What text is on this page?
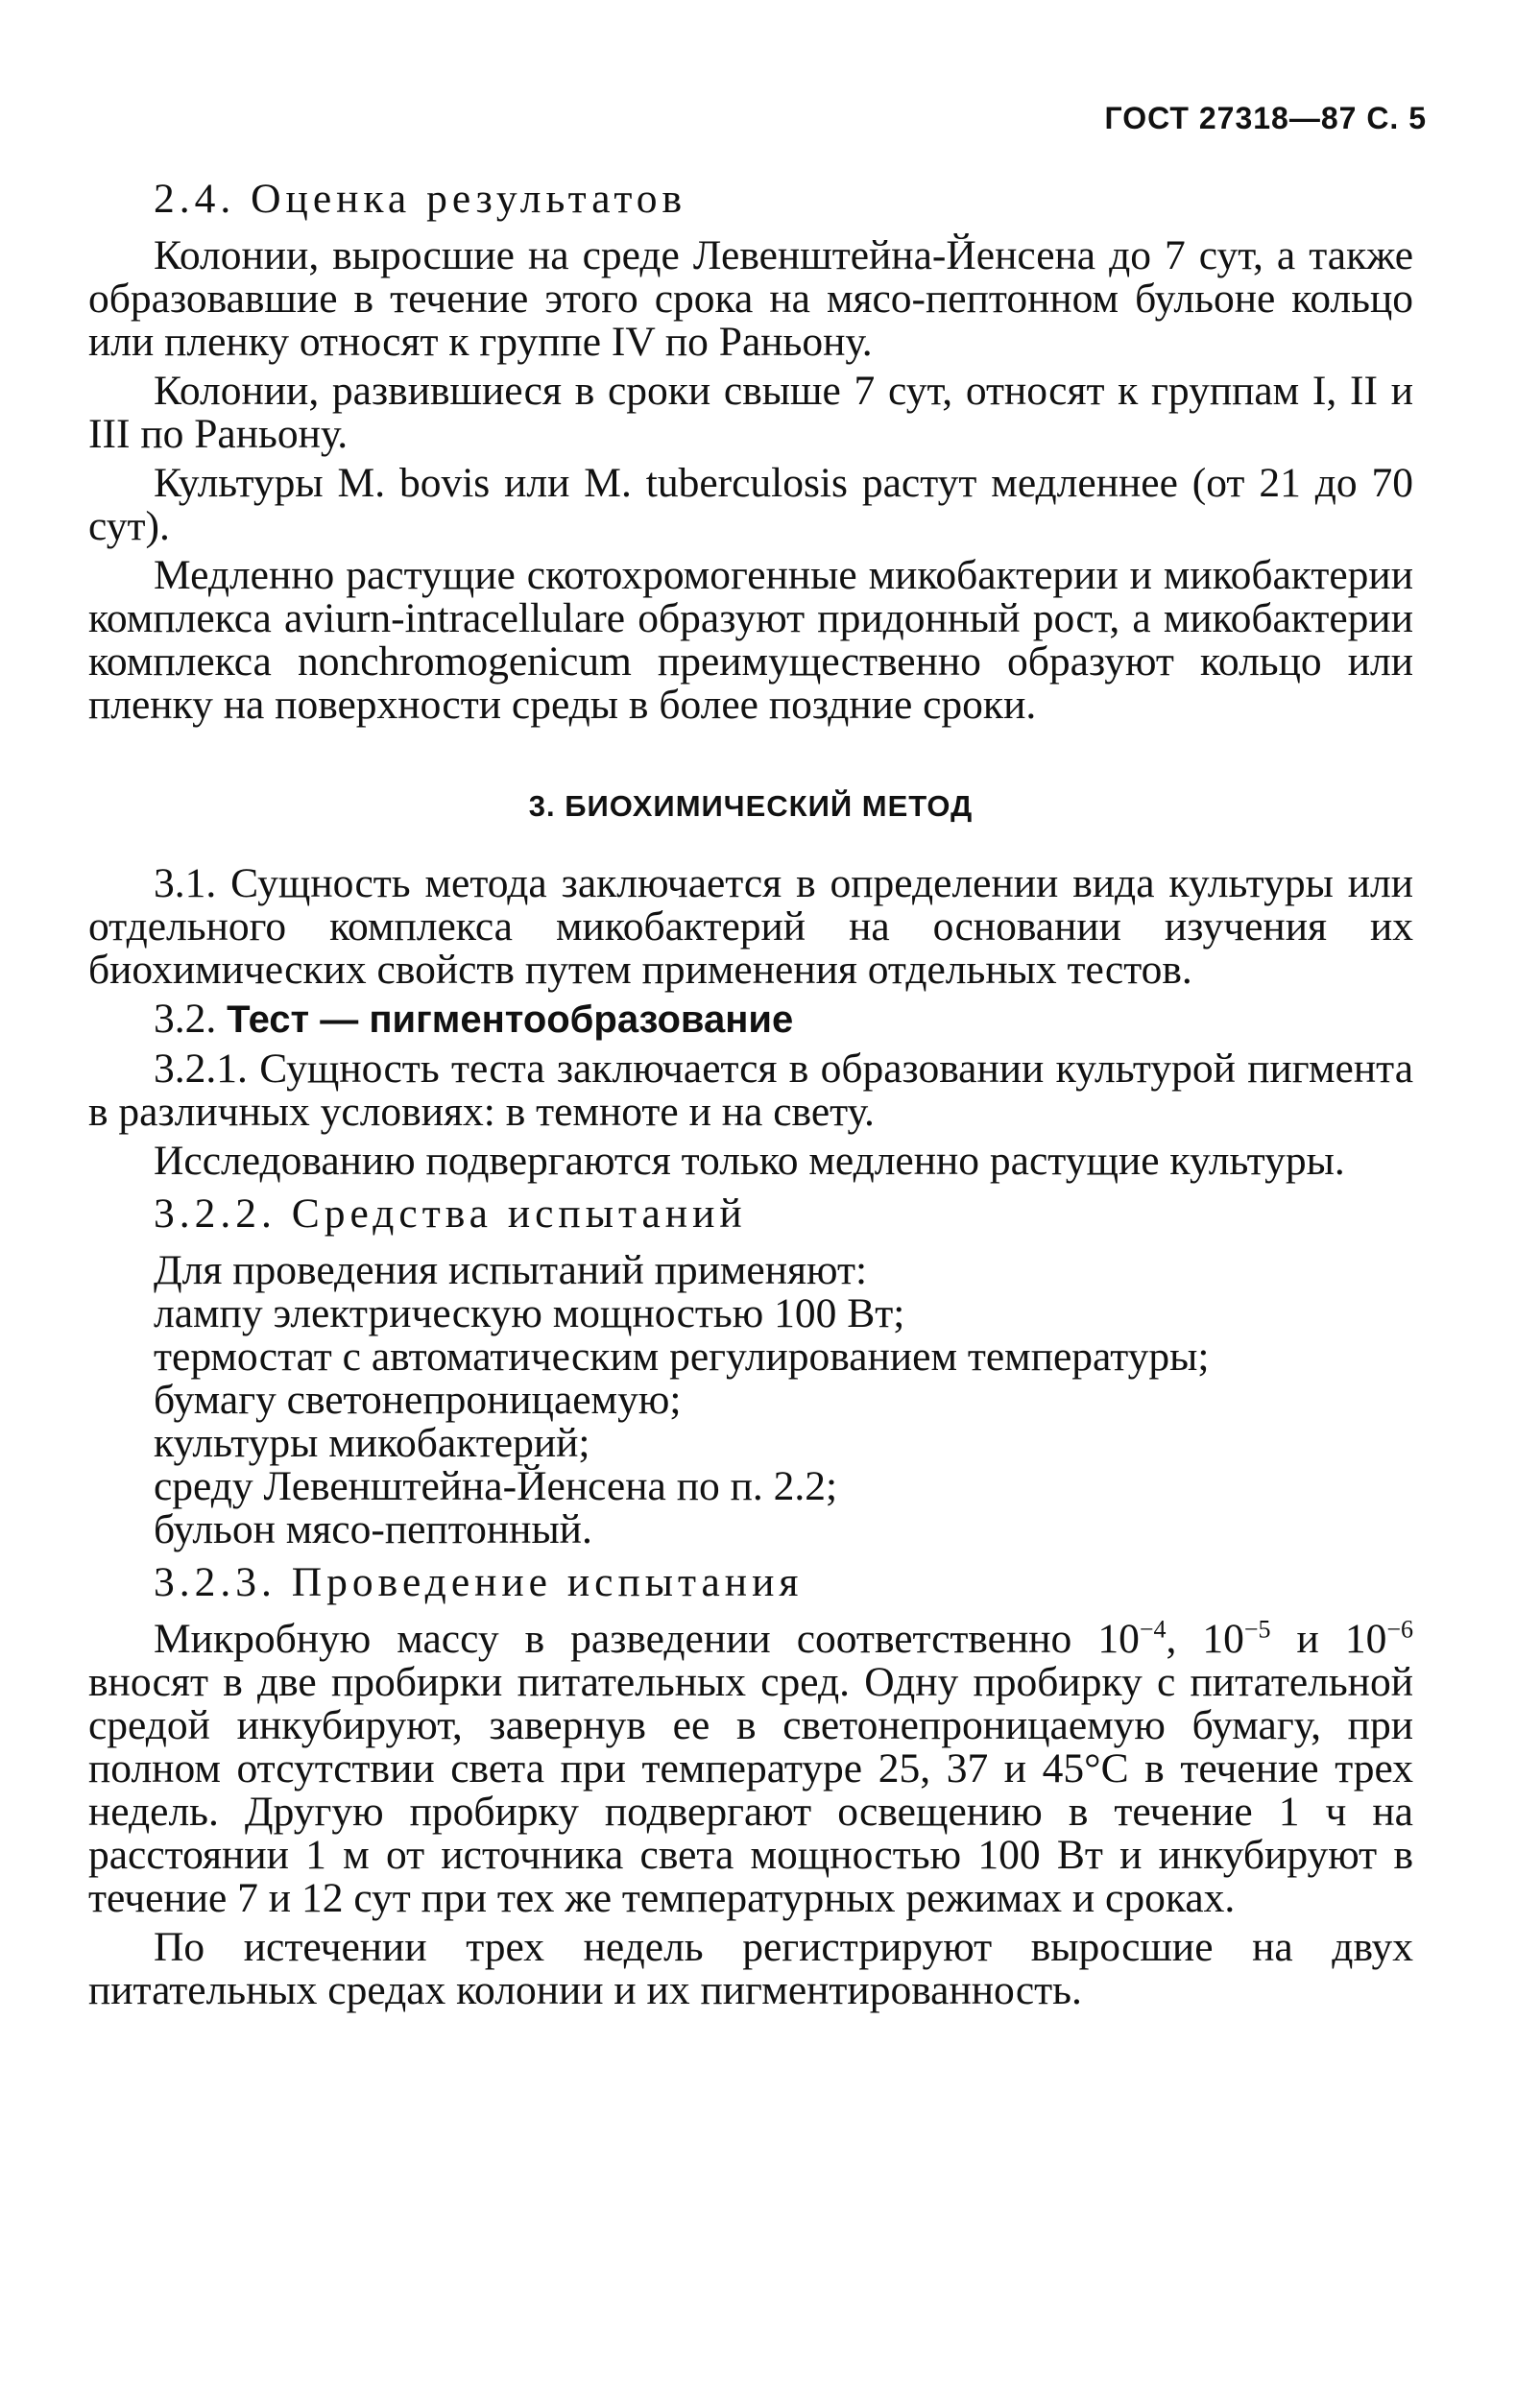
ГОСТ 27318—87 С. 5

2.4. Оценка результатов

Колонии, выросшие на среде Левенштейна-Йенсена до 7 сут, а также образовавшие в течение этого срока на мясо-пептонном бульоне кольцо или пленку относят к группе IV по Раньону.

Колонии, развившиеся в сроки свыше 7 сут, относят к группам I, II и III по Раньону.

Культуры M. bovis или M. tuberculosis растут медленнее (от 21 до 70 сут).

Медленно растущие скотохромогенные микобактерии и микобактерии комплекса aviurn-intracellulare образуют придонный рост, а микобактерии комплекса nonchromogenicum преимущественно образуют кольцо или пленку на поверхности среды в более поздние сроки.

3. БИОХИМИЧЕСКИЙ МЕТОД

3.1. Сущность метода заключается в определении вида культуры или отдельного комплекса микобактерий на основании изучения их биохимических свойств путем применения отдельных тестов.

3.2. Тест — пигментообразование

3.2.1. Сущность теста заключается в образовании культурой пигмента в различных условиях: в темноте и на свету.

Исследованию подвергаются только медленно растущие культуры.

3.2.2. Средства испытаний

Для проведения испытаний применяют:

лампу электрическую мощностью 100 Вт;

термостат с автоматическим регулированием температуры;

бумагу светонепроницаемую;

культуры микобактерий;

среду Левенштейна-Йенсена по п. 2.2;

бульон мясо-пептонный.

3.2.3. Проведение испытания

Микробную массу в разведении соответственно $10^{-4}$, $10^{-5}$ и $10^{-6}$ вносят в две пробирки питательных сред. Одну пробирку с питательной средой инкубируют, завернув ее в светонепроницаемую бумагу, при полном отсутствии света при температуре 25, 37 и 45°С в течение трех недель. Другую пробирку подвергают освещению в течение 1 ч на расстоянии 1 м от источника света мощностью 100 Вт и инкубируют в течение 7 и 12 сут при тех же температурных режимах и сроках.

По истечении трех недель регистрируют выросшие на двух питательных средах колонии и их пигментированность.
